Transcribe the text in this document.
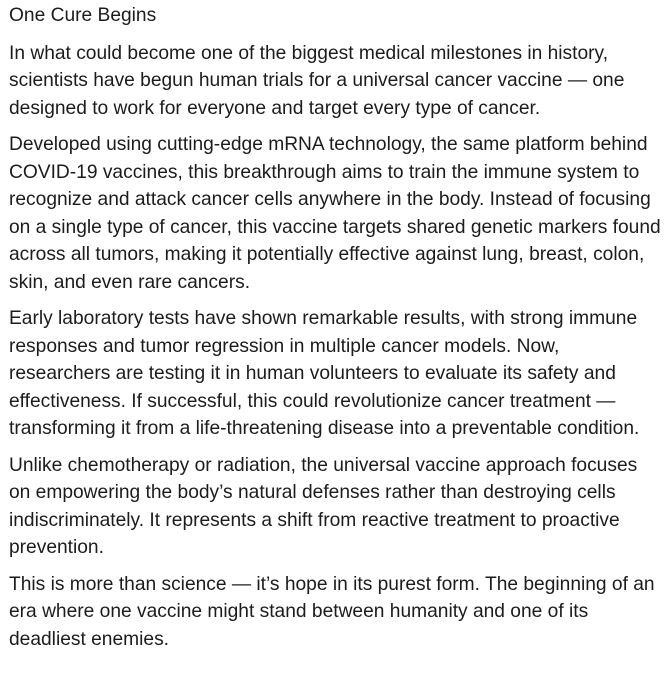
One Cure Begins

In what could become one of the biggest medical milestones in history, scientists have begun human trials for a universal cancer vaccine — one designed to work for everyone and target every type of cancer.

Developed using cutting-edge mRNA technology, the same platform behind COVID-19 vaccines, this breakthrough aims to train the immune system to recognize and attack cancer cells anywhere in the body. Instead of focusing on a single type of cancer, this vaccine targets shared genetic markers found across all tumors, making it potentially effective against lung, breast, colon, skin, and even rare cancers.

Early laboratory tests have shown remarkable results, with strong immune responses and tumor regression in multiple cancer models. Now, researchers are testing it in human volunteers to evaluate its safety and effectiveness. If successful, this could revolutionize cancer treatment — transforming it from a life-threatening disease into a preventable condition.

Unlike chemotherapy or radiation, the universal vaccine approach focuses on empowering the body’s natural defenses rather than destroying cells indiscriminately. It represents a shift from reactive treatment to proactive prevention.

This is more than science — it’s hope in its purest form. The beginning of an era where one vaccine might stand between humanity and one of its deadliest enemies.
